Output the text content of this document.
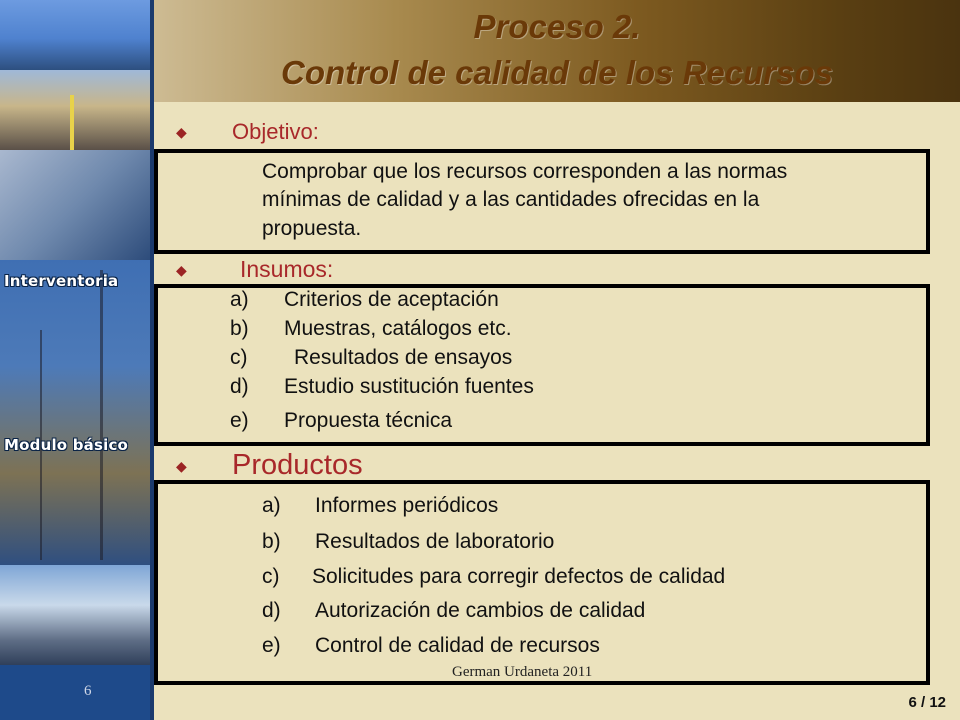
Interventoria
Modulo básico
6
Proceso 2.
Control de calidad de los Recursos
◆ Objetivo:
Comprobar que los recursos corresponden a las normas
mínimas de calidad y a las cantidades ofrecidas en la
propuesta.
◆ Insumos:
a) Criterios de aceptación
b) Muestras, catálogos etc.
c) Resultados de ensayos
d) Estudio sustitución fuentes
e) Propuesta técnica
◆ Productos
a) Informes periódicos
b) Resultados de laboratorio
c) Solicitudes para corregir defectos de calidad
d) Autorización de cambios de calidad
e) Control de calidad de recursos
German Urdaneta 2011
6 / 12
